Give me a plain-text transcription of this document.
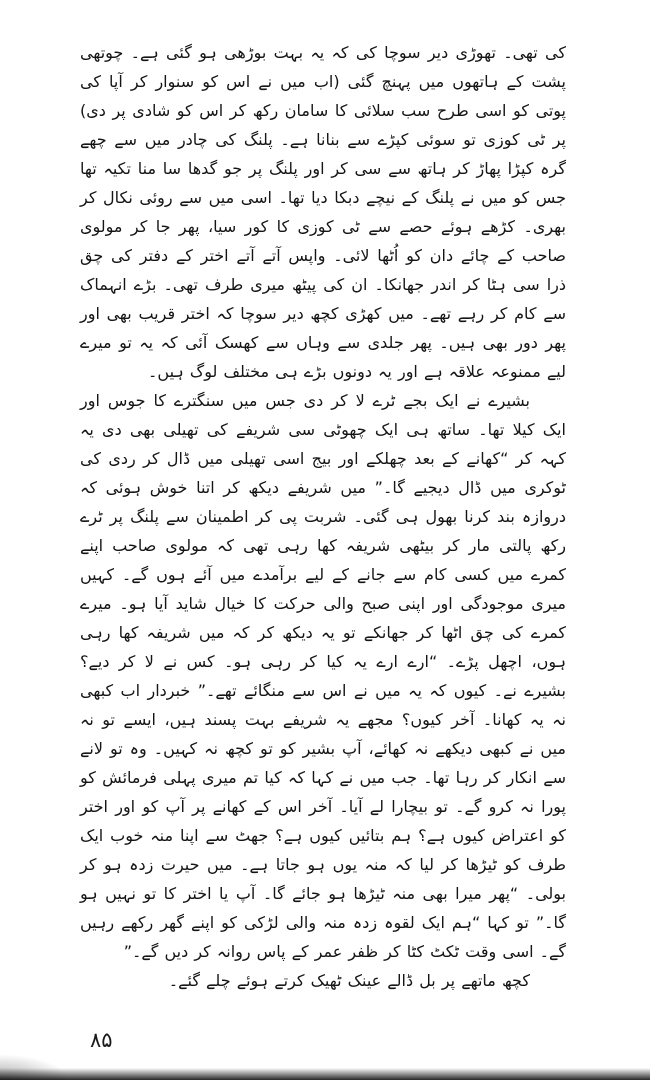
کی تھی۔ تھوڑی دیر سوچا کی کہ یہ بہت بوڑھی ہو گئی ہے۔ چوتھی پشت کے ہاتھوں میں پہنچ گئی (اب میں نے اس کو سنوار کر آپا کی پوتی کو اسی طرح سب سلائی کا سامان رکھ کر اس کو شادی پر دی) پر ٹی کوزی تو سوئی کپڑے سے بنانا ہے۔ پلنگ کی چادر میں سے چھے گرہ کپڑا پھاڑ کر ہاتھ سے سی کر اور پلنگ پر جو گدھا سا منا تکیہ تھا جس کو میں نے پلنگ کے نیچے دبکا دیا تھا۔ اسی میں سے روئی نکال کر بھری۔ کڑھے ہوئے حصے سے ٹی کوزی کا کور سیا، پھر جا کر مولوی صاحب کے چائے دان کو اُٹھا لائی۔ واپس آتے آتے اختر کے دفتر کی چق ذرا سی ہٹا کر اندر جھانکا۔ ان کی پیٹھ میری طرف تھی۔ بڑے انہماک سے کام کر رہے تھے۔ میں کھڑی کچھ دیر سوچا کہ اختر قریب بھی اور پھر دور بھی ہیں۔ پھر جلدی سے وہاں سے کھسک آئی کہ یہ تو میرے لیے ممنوعہ علاقہ ہے اور یہ دونوں بڑے ہی مختلف لوگ ہیں۔

بشیرے نے ایک بجے ٹرے لا کر دی جس میں سنگترے کا جوس اور ایک کیلا تھا۔ ساتھ ہی ایک چھوٹی سی شریفے کی تھیلی بھی دی یہ کہہ کر “کھانے کے بعد چھلکے اور بیج اسی تھیلی میں ڈال کر ردی کی ٹوکری میں ڈال دیجیے گا۔” میں شریفے دیکھ کر اتنا خوش ہوئی کہ دروازہ بند کرنا بھول ہی گئی۔ شربت پی کر اطمینان سے پلنگ پر ٹرے رکھ پالتی مار کر بیٹھی شریفہ کھا رہی تھی کہ مولوی صاحب اپنے کمرے میں کسی کام سے جانے کے لیے برآمدے میں آئے ہوں گے۔ کہیں میری موجودگی اور اپنی صبح والی حرکت کا خیال شاید آیا ہو۔ میرے کمرے کی چق اٹھا کر جھانکے تو یہ دیکھ کر کہ میں شریفہ کھا رہی ہوں، اچھل پڑے۔ “ارے ارے یہ کیا کر رہی ہو۔ کس نے لا کر دیے؟ بشیرے نے۔ کیوں کہ یہ میں نے اس سے منگائے تھے۔” خبردار اب کبھی نہ یہ کھانا۔ آخر کیوں؟ مجھے یہ شریفے بہت پسند ہیں، ایسے تو نہ میں نے کبھی دیکھے نہ کھائے، آپ بشیر کو تو کچھ نہ کہیں۔ وہ تو لانے سے انکار کر رہا تھا۔ جب میں نے کہا کہ کیا تم میری پہلی فرمائش کو پورا نہ کرو گے۔ تو بیچارا لے آیا۔ آخر اس کے کھانے پر آپ کو اور اختر کو اعتراض کیوں ہے؟ ہم بتائیں کیوں ہے؟ جھٹ سے اپنا منہ خوب ایک طرف کو ٹیڑھا کر لیا کہ منہ یوں ہو جاتا ہے۔ میں حیرت زدہ ہو کر بولی۔ “پھر میرا بھی منہ ٹیڑھا ہو جائے گا۔ آپ یا اختر کا تو نہیں ہو گا۔” تو کہا “ہم ایک لقوہ زدہ منہ والی لڑکی کو اپنے گھر رکھے رہیں گے۔ اسی وقت ٹکٹ کٹا کر ظفر عمر کے پاس روانہ کر دیں گے۔”

کچھ ماتھے پر بل ڈالے عینک ٹھیک کرتے ہوئے چلے گئے۔

۸۵
